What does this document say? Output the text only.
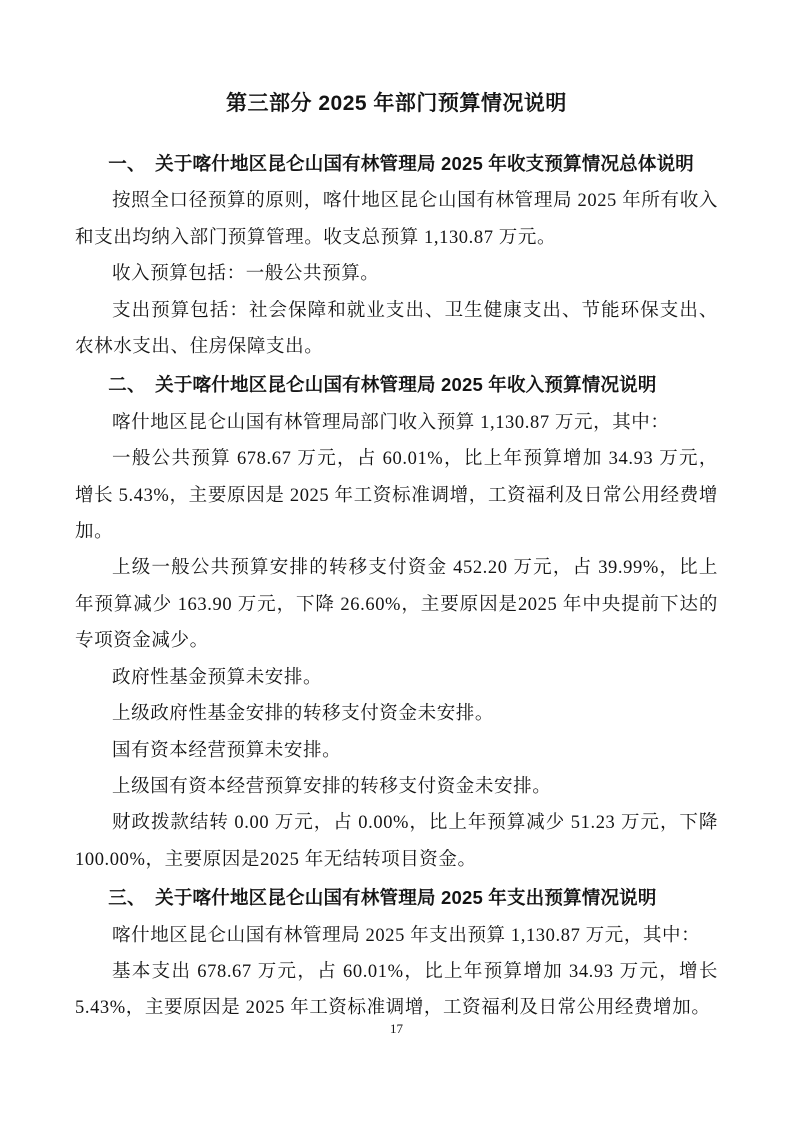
第三部分 2025 年部门预算情况说明
一、　关于喀什地区昆仑山国有林管理局 2025 年收支预算情况总体说明

按照全口径预算的原则，喀什地区昆仑山国有林管理局 2025 年所有收入和支出均纳入部门预算管理。收支总预算 1,130.87 万元。

收入预算包括：一般公共预算。

支出预算包括：社会保障和就业支出、卫生健康支出、节能环保支出、农林水支出、住房保障支出。

二、　关于喀什地区昆仑山国有林管理局 2025 年收入预算情况说明

喀什地区昆仑山国有林管理局部门收入预算 1,130.87 万元，其中：

一般公共预算 678.67 万元，占 60.01%，比上年预算增加 34.93 万元，增长 5.43%，主要原因是 2025 年工资标准调增，工资福利及日常公用经费增加。

上级一般公共预算安排的转移支付资金 452.20 万元，占 39.99%，比上年预算减少 163.90 万元，下降 26.60%，主要原因是2025 年中央提前下达的专项资金减少。

政府性基金预算未安排。

上级政府性基金安排的转移支付资金未安排。

国有资本经营预算未安排。

上级国有资本经营预算安排的转移支付资金未安排。

财政拨款结转 0.00 万元，占 0.00%，比上年预算减少 51.23 万元，下降 100.00%，主要原因是2025 年无结转项目资金。

三、　关于喀什地区昆仑山国有林管理局 2025 年支出预算情况说明

喀什地区昆仑山国有林管理局 2025 年支出预算 1,130.87 万元，其中：

基本支出 678.67 万元，占 60.01%，比上年预算增加 34.93 万元，增长 5.43%，主要原因是 2025 年工资标准调增，工资福利及日常公用经费增加。

17
